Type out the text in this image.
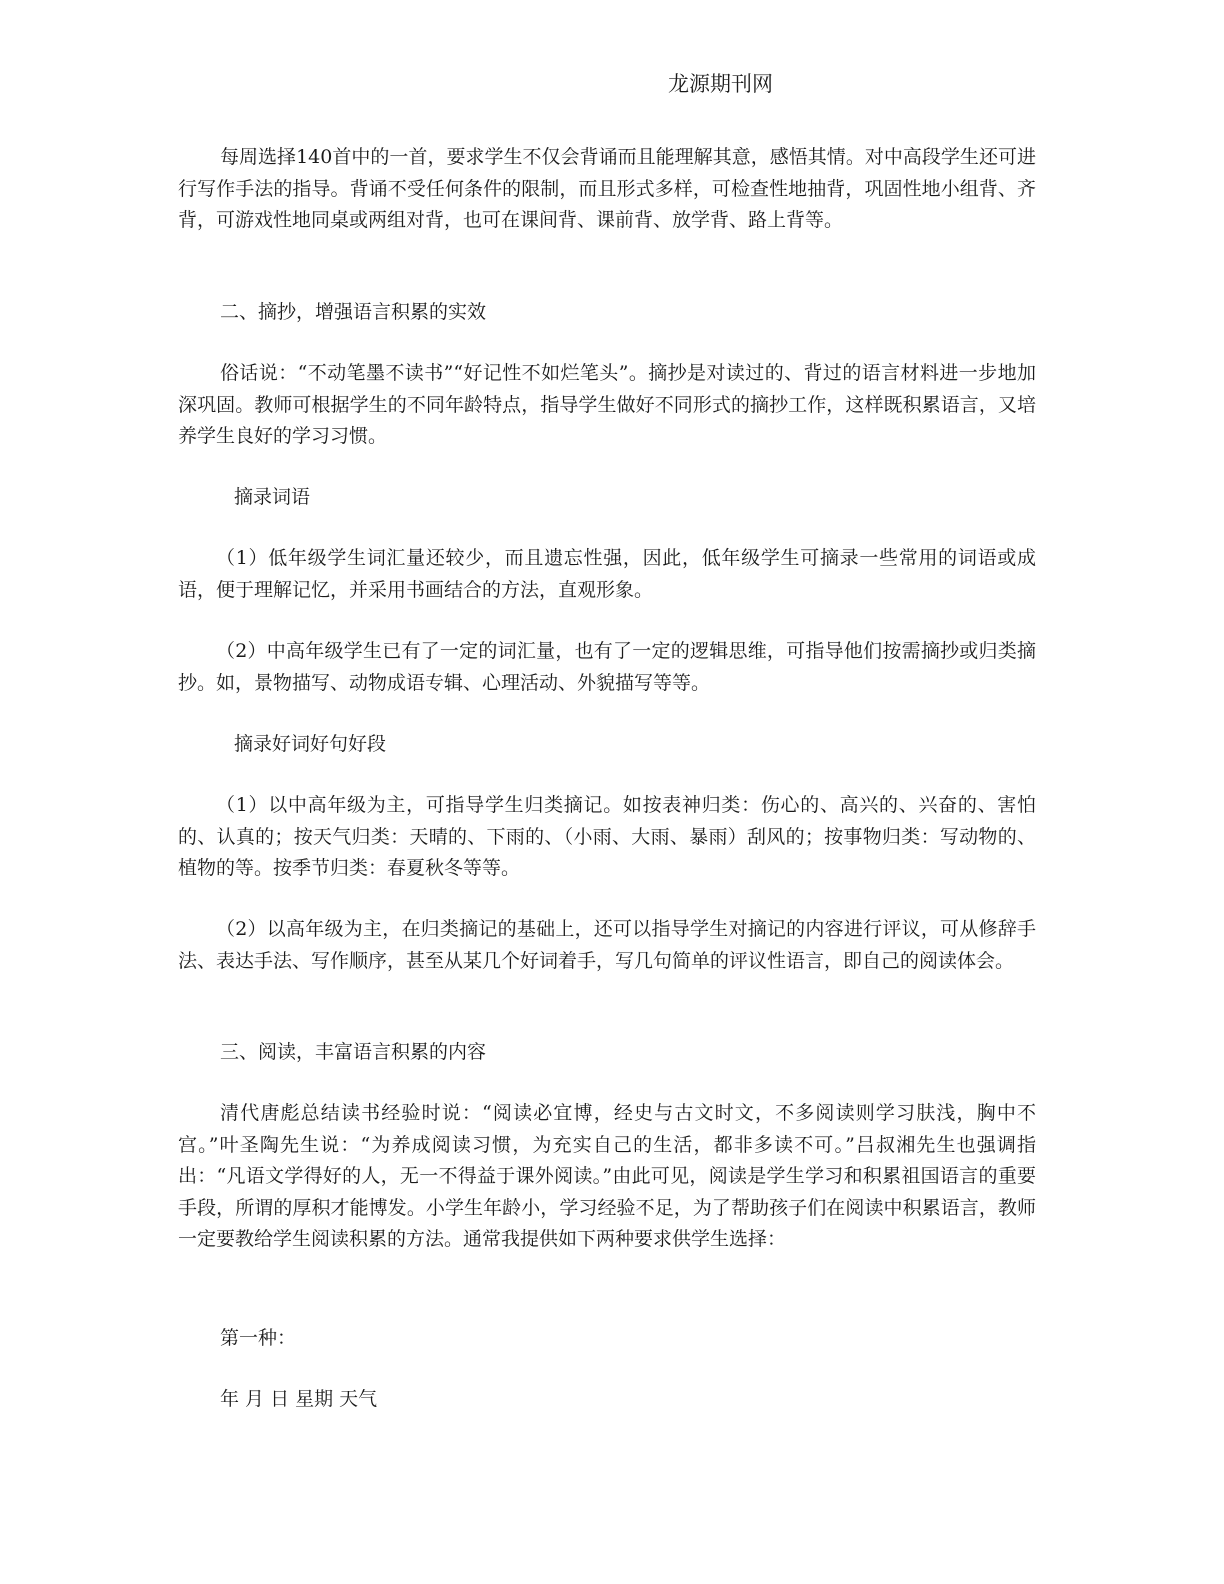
龙源期刊网

每周选择140首中的一首，要求学生不仅会背诵而且能理解其意，感悟其情。对中高段学生还可进行写作手法的指导。背诵不受任何条件的限制，而且形式多样，可检查性地抽背，巩固性地小组背、齐背，可游戏性地同桌或两组对背，也可在课间背、课前背、放学背、路上背等。

二、摘抄，增强语言积累的实效

俗话说：“不动笔墨不读书”“好记性不如烂笔头”。摘抄是对读过的、背过的语言材料进一步地加深巩固。教师可根据学生的不同年龄特点，指导学生做好不同形式的摘抄工作，这样既积累语言，又培养学生良好的学习习惯。

摘录词语

（1）低年级学生词汇量还较少，而且遗忘性强，因此，低年级学生可摘录一些常用的词语或成语，便于理解记忆，并采用书画结合的方法，直观形象。

（2）中高年级学生已有了一定的词汇量，也有了一定的逻辑思维，可指导他们按需摘抄或归类摘抄。如，景物描写、动物成语专辑、心理活动、外貌描写等等。

摘录好词好句好段

（1）以中高年级为主，可指导学生归类摘记。如按表神归类：伤心的、高兴的、兴奋的、害怕的、认真的；按天气归类：天晴的、下雨的、（小雨、大雨、暴雨）刮风的；按事物归类：写动物的、植物的等。按季节归类：春夏秋冬等等。

（2）以高年级为主，在归类摘记的基础上，还可以指导学生对摘记的内容进行评议，可从修辞手法、表达手法、写作顺序，甚至从某几个好词着手，写几句简单的评议性语言，即自己的阅读体会。

三、阅读，丰富语言积累的内容

清代唐彪总结读书经验时说：“阅读必宜博，经史与古文时文，不多阅读则学习肤浅，胸中不宫。”叶圣陶先生说：“为养成阅读习惯，为充实自己的生活，都非多读不可。”吕叔湘先生也强调指出：“凡语文学得好的人，无一不得益于课外阅读。”由此可见，阅读是学生学习和积累祖国语言的重要手段，所谓的厚积才能博发。小学生年龄小，学习经验不足，为了帮助孩子们在阅读中积累语言，教师一定要教给学生阅读积累的方法。通常我提供如下两种要求供学生选择：

第一种：

年 月 日 星期 天气
